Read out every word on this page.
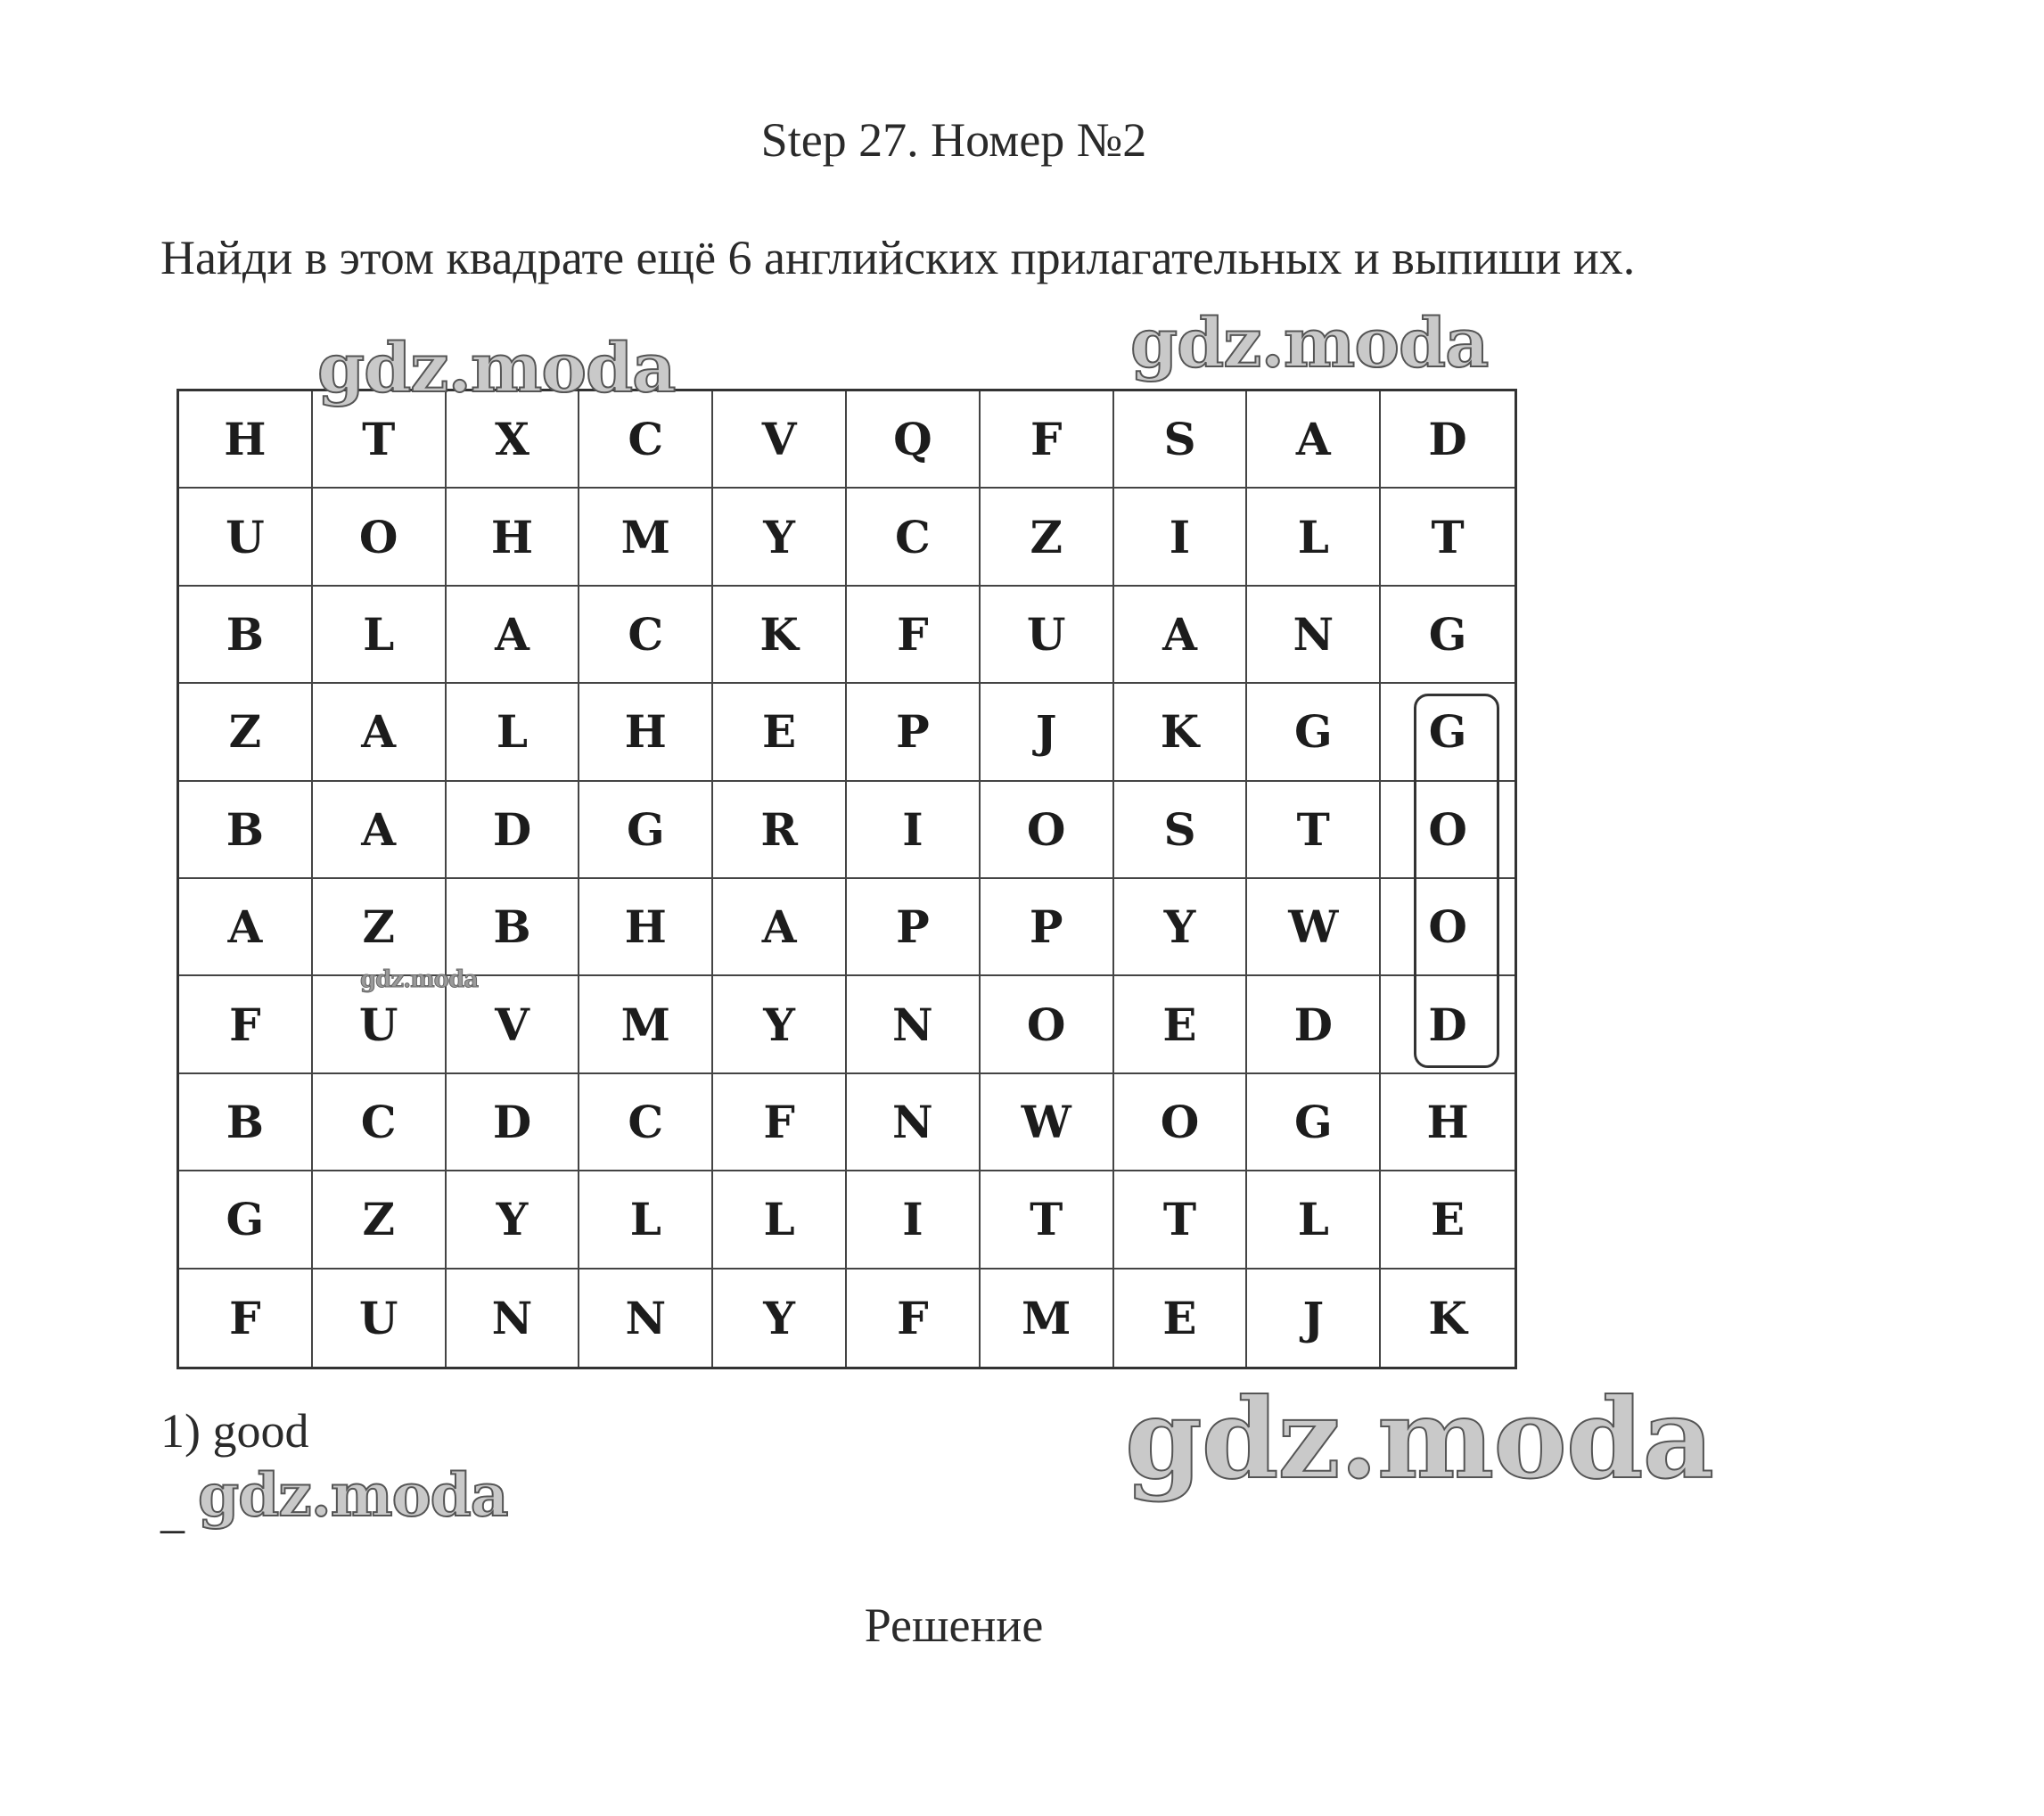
Step 27. Номер №2
Найди в этом квадрате ещё 6 английских прилагательных и выпиши их.
H	T	X	C	V	Q	F	S	A	D
U	O	H	M	Y	C	Z	I	L	T
B	L	A	C	K	F	U	A	N	G
Z	A	L	H	E	P	J	K	G	G
B	A	D	G	R	I	O	S	T	O
A	Z	B	H	A	P	P	Y	W	O
F	U	V	M	Y	N	O	E	D	D
B	C	D	C	F	N	W	O	G	H
G	Z	Y	L	L	I	T	T	L	E
F	U	N	N	Y	F	M	E	J	K
1) good
_
Решение
gdz.moda	gdz.moda
gdz.moda
gdz.moda
gdz.moda
